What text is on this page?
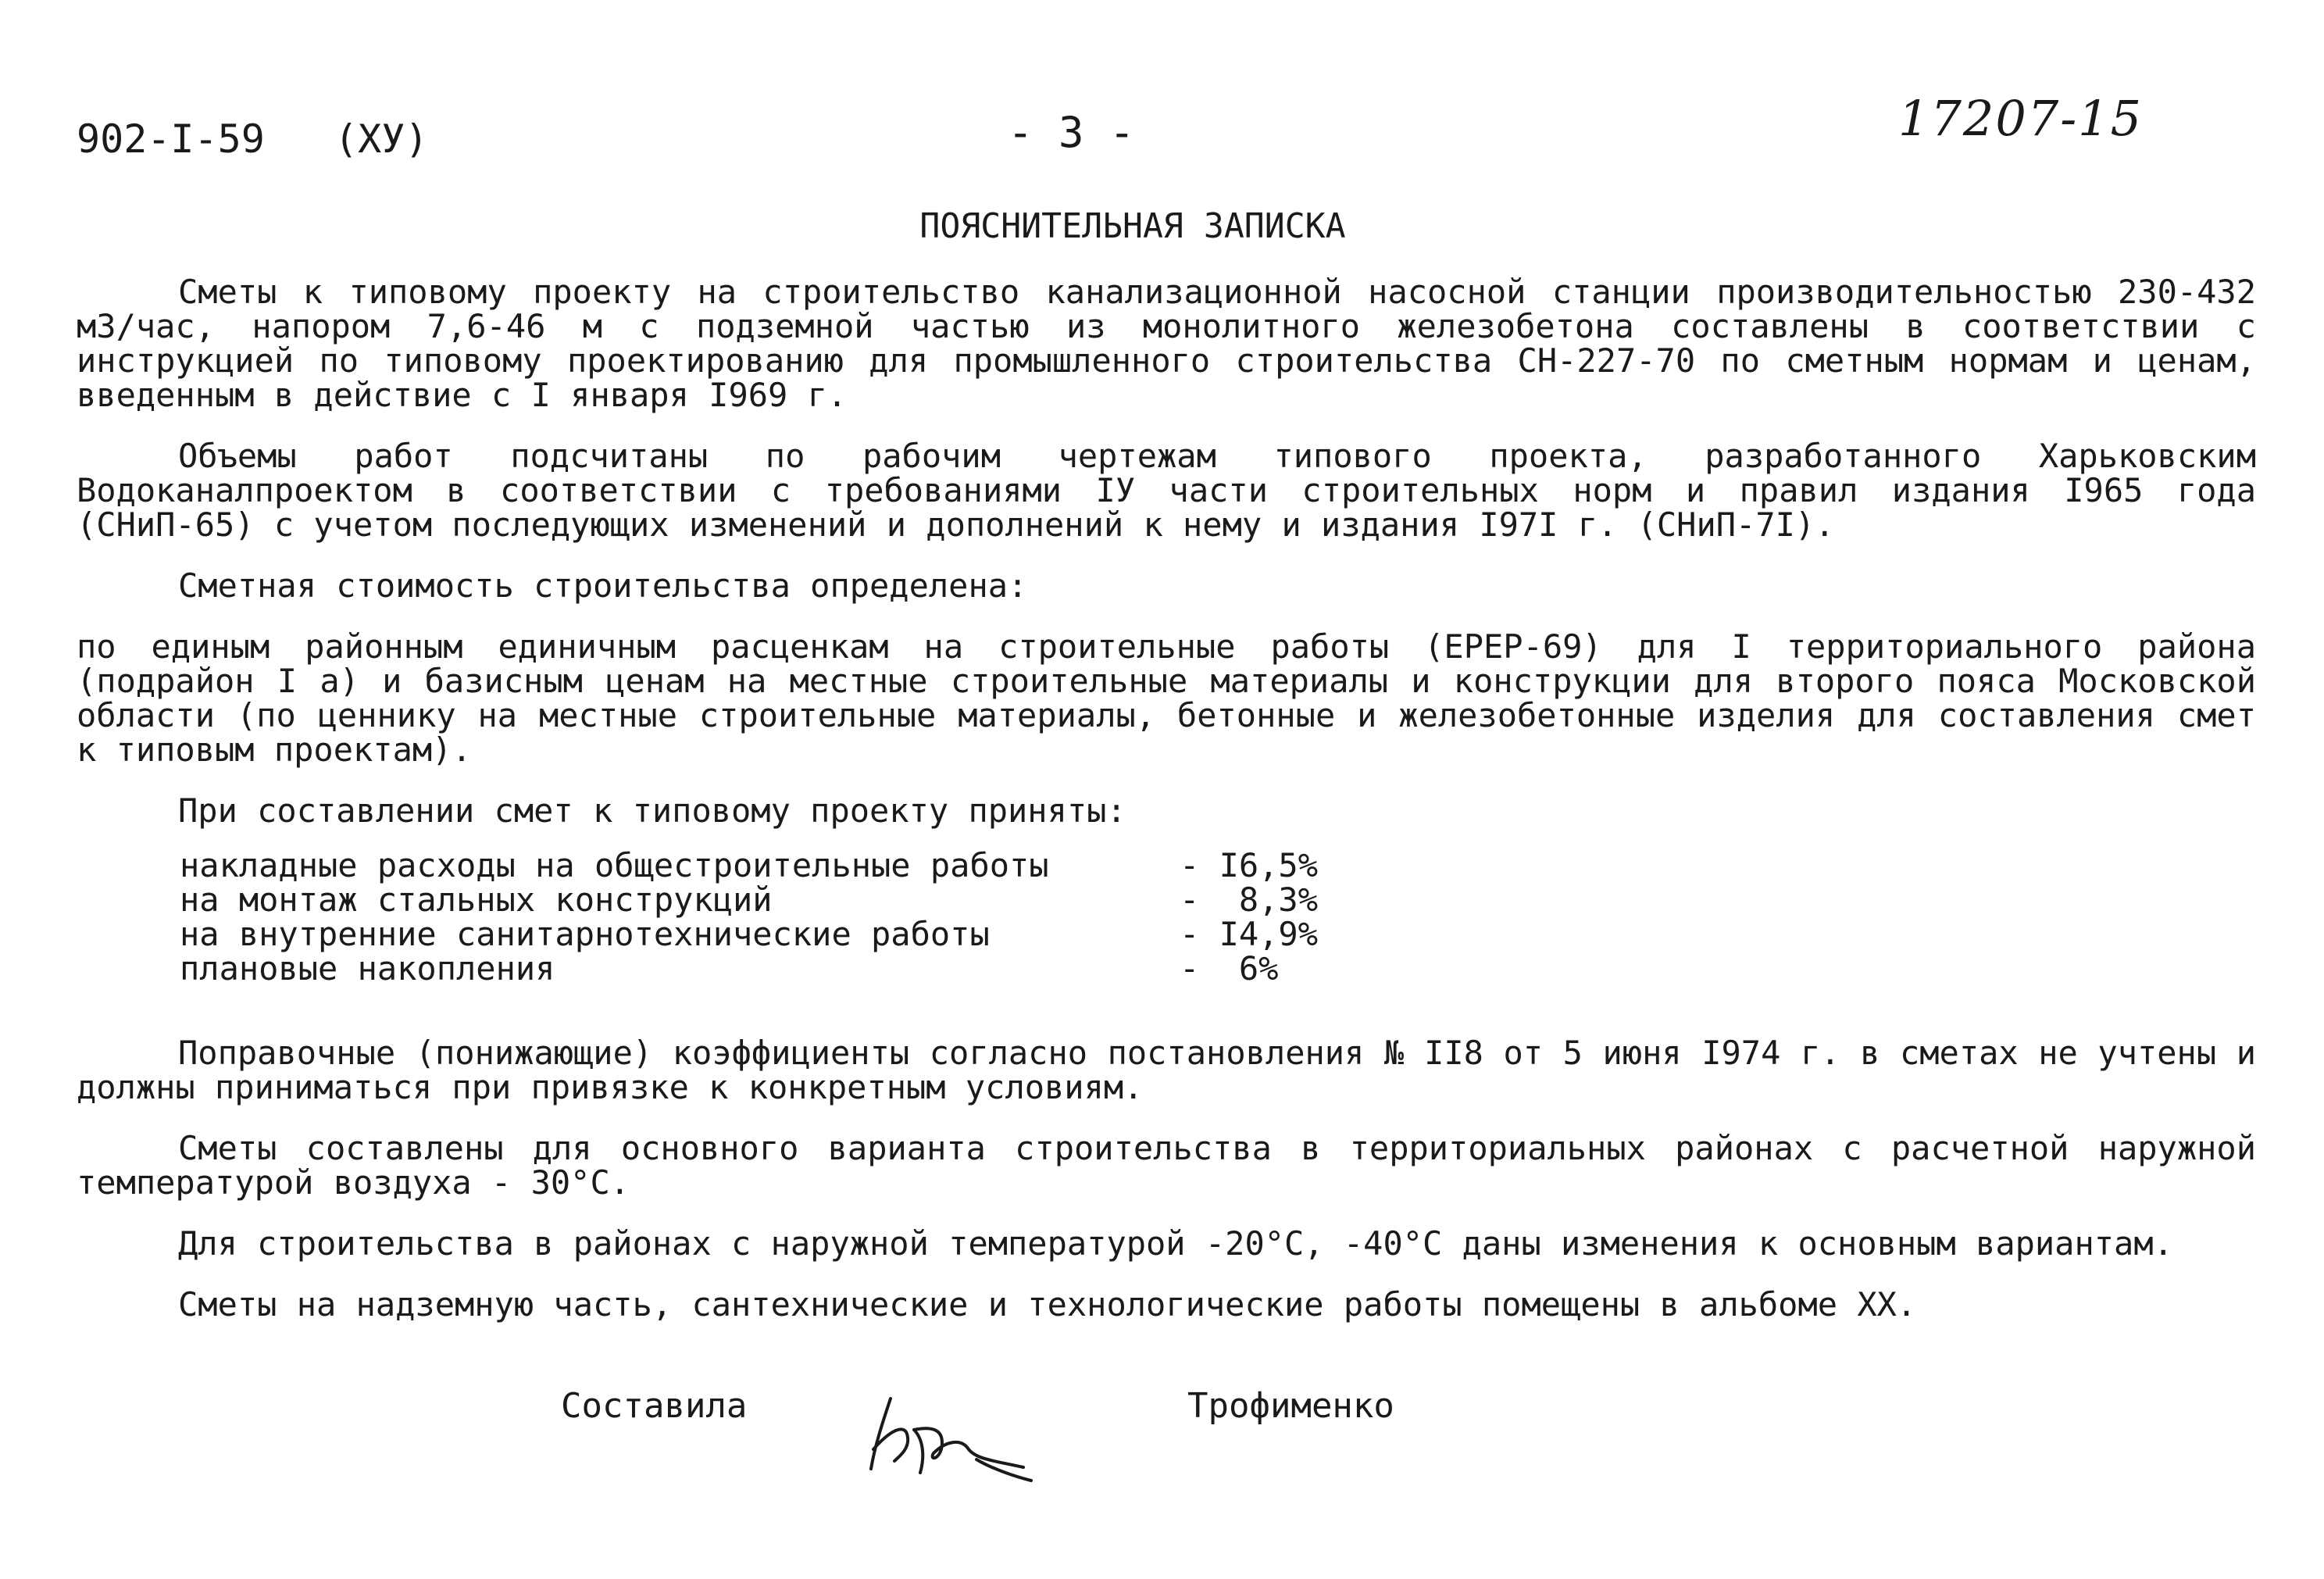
902-I-59 (XУ)	- 3 -	17207-15
ПОЯСНИТЕЛЬНАЯ ЗАПИСКА

Сметы к типовому проекту на строительство канализационной насосной станции производительностью 230-432 м3/час, напором 7,6-46 м с подземной частью из монолитного железобетона составлены в соответствии с инструкцией по типовому проектированию для промышленного строительства СН-227-70 по сметным нормам и ценам, введенным в действие с I января I969 г.

Объемы работ подсчитаны по рабочим чертежам типового проекта, разработанного Харьковским Водоканалпроектом в соответствии с требованиями IУ части строительных норм и правил издания I965 года (СНиП-65) с учетом последующих изменений и дополнений к нему и издания I97I г. (СНиП-7I).

Сметная стоимость строительства определена:

по единым районным единичным расценкам на строительные работы (ЕРЕР-69) для I территориального района (подрайон I а) и базисным ценам на местные строительные материалы и конструкции для второго пояса Московской области (по ценнику на местные строительные материалы, бетонные и железобетонные изделия для составления смет к типовым проектам).

При составлении смет к типовому проекту приняты:

накладные расходы на общестроительные работы	- I6,5%
на монтаж стальных конструкций	-  8,3%
на внутренние санитарнотехнические работы	- I4,9%
плановые накопления	-  6%

Поправочные (понижающие) коэффициенты согласно постановления № II8 от 5 июня I974 г. в сметах не учтены и должны приниматься при привязке к конкретным условиям.

Сметы составлены для основного варианта строительства в территориальных районах с расчетной наружной температурой воздуха - 30°С.

Для строительства в районах с наружной температурой -20°С, -40°С даны изменения к основным вариантам.

Сметы на надземную часть, сантехнические и технологические работы помещены в альбоме XX.

Составила	Трофименко
